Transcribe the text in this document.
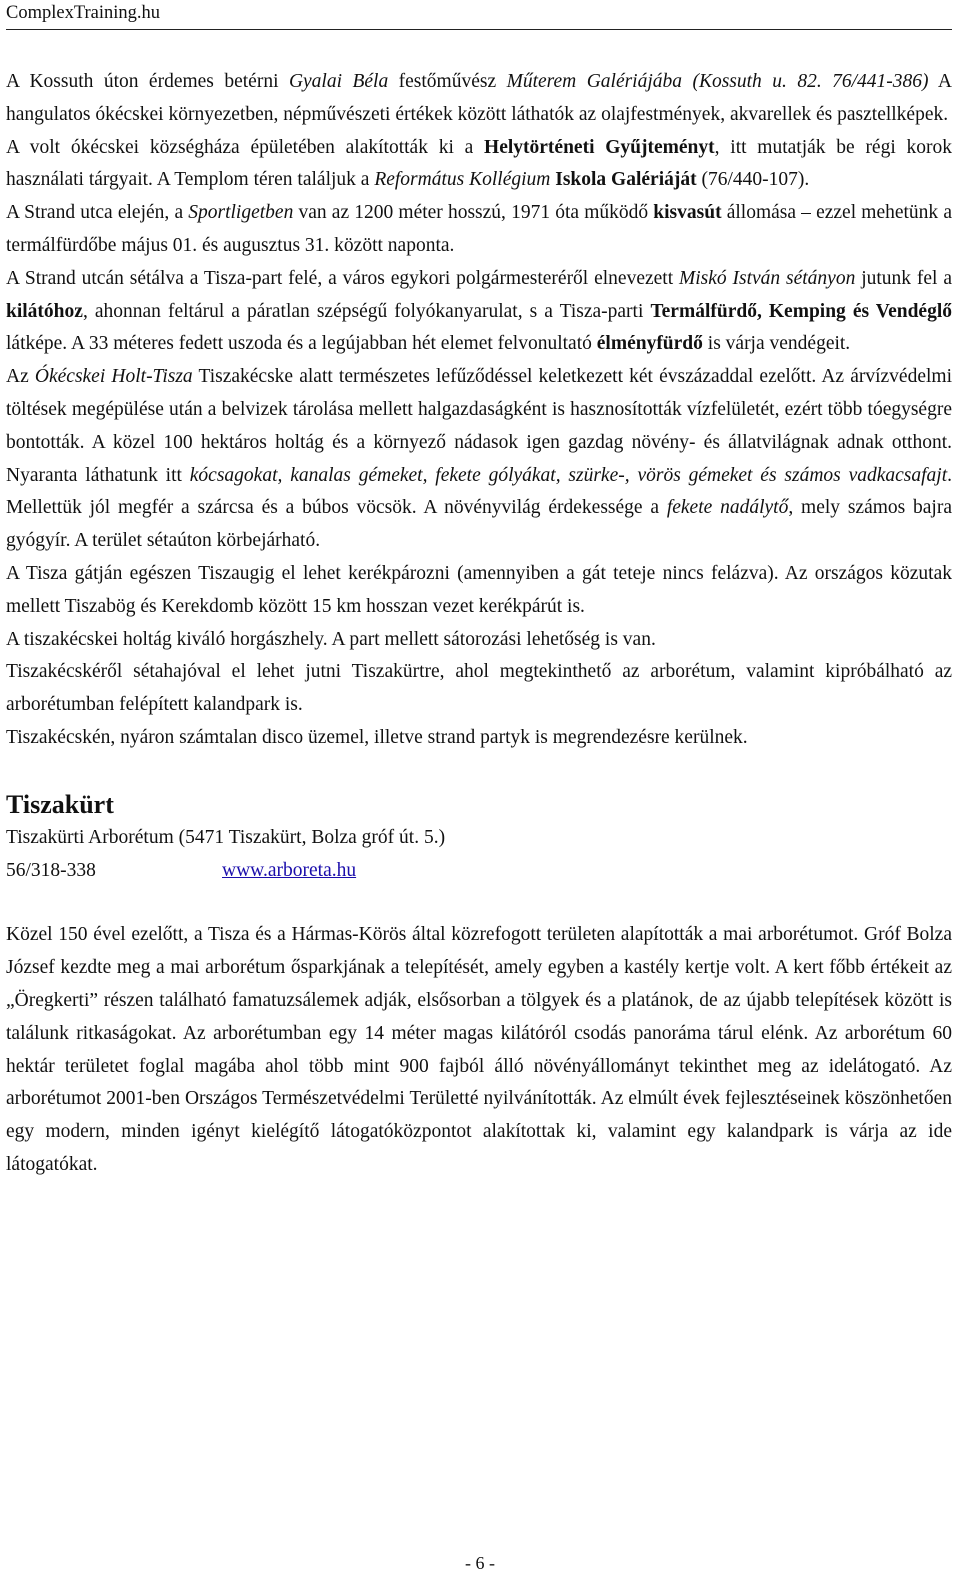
ComplexTraining.hu

A Kossuth úton érdemes betérni Gyalai Béla festőművész Műterem Galériájába (Kossuth u. 82. 76/441-386) A hangulatos ókécskei környezetben, népművészeti értékek között láthatók az olajfestmények, akvarellek és pasztellképek.

A volt ókécskei községháza épületében alakították ki a Helytörténeti Gyűjteményt, itt mutatják be régi korok használati tárgyait. A Templom téren találjuk a Református Kollégium Iskola Galériáját (76/440-107).

A Strand utca elején, a Sportligetben van az 1200 méter hosszú, 1971 óta működő kisvasút állomása – ezzel mehetünk a termálfürdőbe május 01. és augusztus 31. között naponta.

A Strand utcán sétálva a Tisza-part felé, a város egykori polgármesteréről elnevezett Miskó István sétányon jutunk fel a kilátóhoz, ahonnan feltárul a páratlan szépségű folyókanyarulat, s a Tisza-parti Termálfürdő, Kemping és Vendéglő látképe. A 33 méteres fedett uszoda és a legújabban hét elemet felvonultató élményfürdő is várja vendégeit.

Az Ókécskei Holt-Tisza Tiszakécske alatt természetes lefűződéssel keletkezett két évszázaddal ezelőtt. Az árvízvédelmi töltések megépülése után a belvizek tárolása mellett halgazdaságként is hasznosították vízfelületét, ezért több tóegységre bontották. A közel 100 hektáros holtág és a környező nádasok igen gazdag növény- és állatvilágnak adnak otthont. Nyaranta láthatunk itt kócsagokat, kanalas gémeket, fekete gólyákat, szürke-, vörös gémeket és számos vadkacsafajt. Mellettük jól megfér a szárcsa és a búbos vöcsök. A növényvilág érdekessége a fekete nadálytő, mely számos bajra gyógyír. A terület sétaúton körbejárható.

A Tisza gátján egészen Tiszaugig el lehet kerékpározni (amennyiben a gát teteje nincs felázva). Az országos közutak mellett Tiszabög és Kerekdomb között 15 km hosszan vezet kerékpárút is.

A tiszakécskei holtág kiváló horgászhely. A part mellett sátorozási lehetőség is van.

Tiszakécskéről sétahajóval el lehet jutni Tiszakürtre, ahol megtekinthető az arborétum, valamint kipróbálható az arborétumban felépített kalandpark is.

Tiszakécskén, nyáron számtalan disco üzemel, illetve strand partyk is megrendezésre kerülnek.

Tiszakürt

Tiszakürti Arborétum (5471 Tiszakürt, Bolza gróf út. 5.)

56/318-338	www.arboreta.hu

Közel 150 ével ezelőtt, a Tisza és a Hármas-Körös által közrefogott területen alapították a mai arborétumot. Gróf Bolza József kezdte meg a mai arborétum ősparkjának a telepítését, amely egyben a kastély kertje volt. A kert főbb értékeit az „Öregkerti” részen található famatuzsálemek adják, elsősorban a tölgyek és a platánok, de az újabb telepítések között is találunk ritkaságokat. Az arborétumban egy 14 méter magas kilátóról csodás panoráma tárul elénk. Az arborétum 60 hektár területet foglal magába ahol több mint 900 fajból álló növényállományt tekinthet meg az idelátogató. Az arborétumot 2001-ben Országos Természetvédelmi Területté nyilvánították. Az elmúlt évek fejlesztéseinek köszönhetően egy modern, minden igényt kielégítő látogatóközpontot alakítottak ki, valamint egy kalandpark is várja az ide látogatókat.

- 6 -
